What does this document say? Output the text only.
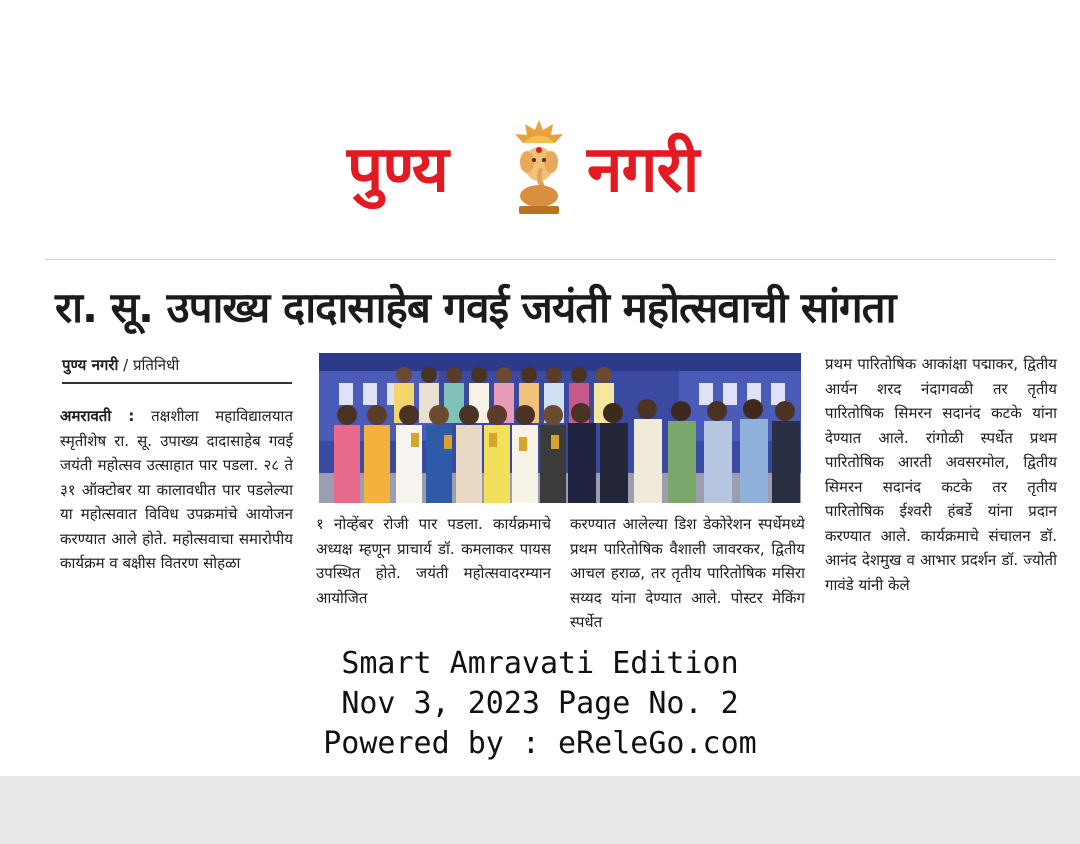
पुण्य नगरी
रा. सू. उपाख्य दादासाहेब गवई जयंती महोत्सवाची सांगता
पुण्य नगरी / प्रतिनिधी
अमरावती : तक्षशीला महाविद्यालयात स्मृतीशेष रा. सू. उपाख्य दादासाहेब गवई जयंती महोत्सव उत्साहात पार पडला. २८ ते ३१ ऑक्टोबर या कालावधीत पार पडलेल्या या महोत्सवात विविध उपक्रमांचे आयोजन करण्यात आले होते. महोत्सवाचा समारोपीय कार्यक्रम व बक्षीस वितरण सोहळा
१ नोव्हेंबर रोजी पार पडला. कार्यक्रमाचे अध्यक्ष म्हणून प्राचार्य डॉ. कमलाकर पायस उपस्थित होते. जयंती महोत्सवादरम्यान आयोजित
करण्यात आलेल्या डिश डेकोरेशन स्पर्धेमध्ये प्रथम पारितोषिक वैशाली जावरकर, द्वितीय आचल हराळ, तर तृतीय पारितोषिक मसिरा सय्यद यांना देण्यात आले. पोस्टर मेकिंग स्पर्धेत
प्रथम पारितोषिक आकांक्षा पद्माकर, द्वितीय आर्यन शरद नंदागवळी तर तृतीय पारितोषिक सिमरन सदानंद कटके यांना देण्यात आले. रांगोळी स्पर्धेत प्रथम पारितोषिक आरती अवसरमोल, द्वितीय सिमरन सदानंद कटके तर तृतीय पारितोषिक ईश्वरी हंबर्डे यांना प्रदान करण्यात आले. कार्यक्रमाचे संचालन डॉ. आनंद देशमुख व आभार प्रदर्शन डॉ. ज्योती गावंडे यांनी केले
Smart Amravati Edition
Nov 3, 2023 Page No. 2
Powered by : eReleGo.com
